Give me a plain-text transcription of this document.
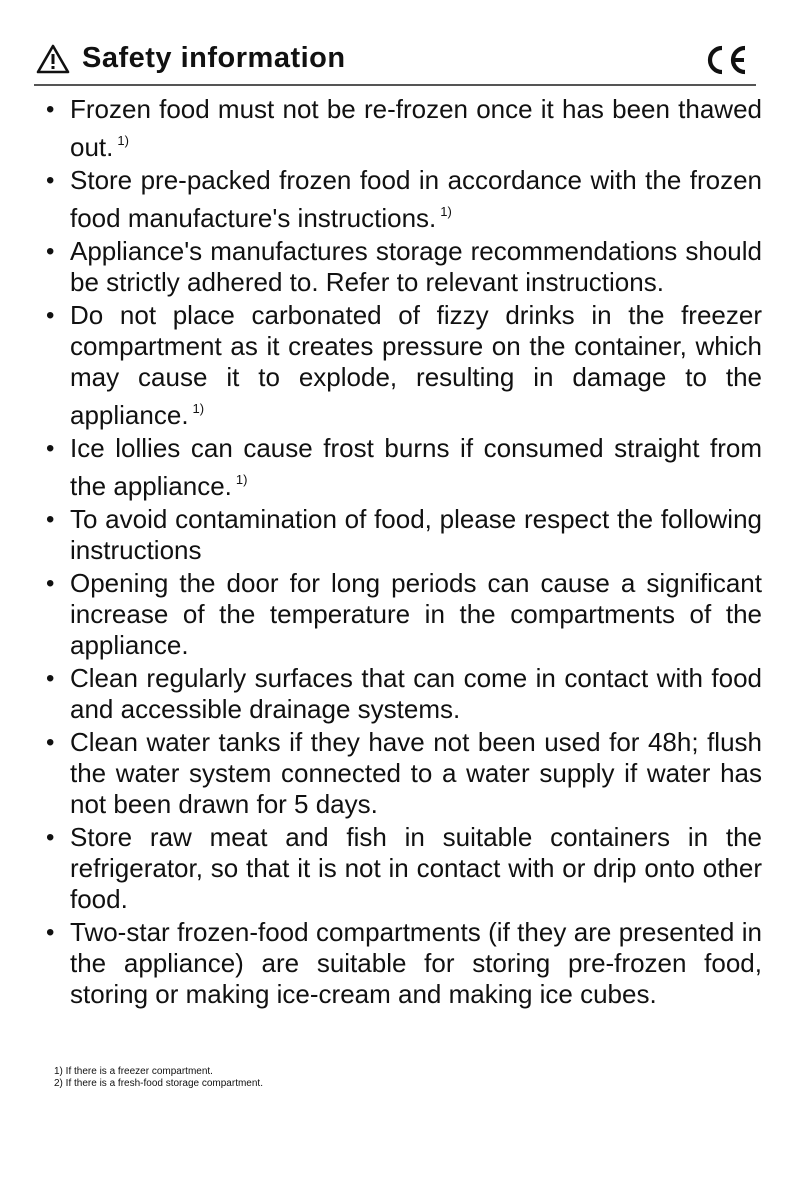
Safety information
• Frozen food must not be re-frozen once it has been thawed out. $^{1)}$
• Store pre-packed frozen food in accordance with the frozen food manufacture's instructions. $^{1)}$
• Appliance's manufactures storage recommendations should be strictly adhered to. Refer to relevant instructions.
• Do not place carbonated of fizzy drinks in the freezer compartment as it creates pressure on the container, which may cause it to explode, resulting in damage to the appliance. $^{1)}$
• Ice lollies can cause frost burns if consumed straight from the appliance. $^{1)}$
• To avoid contamination of food, please respect the following instructions
• Opening the door for long periods can cause a significant increase of the temperature in the compartments of the appliance.
• Clean regularly surfaces that can come in contact with food and accessible drainage systems.
• Clean water tanks if they have not been used for 48h; flush the water system connected to a water supply if water has not been drawn for 5 days.
• Store raw meat and fish in suitable containers in the refrigerator, so that it is not in contact with or drip onto other food.
• Two-star frozen-food compartments (if they are presented in the appliance) are suitable for storing pre-frozen food, storing or making ice-cream and making ice cubes.
1) If there is a freezer compartment.
2) If there is a fresh-food storage compartment.
